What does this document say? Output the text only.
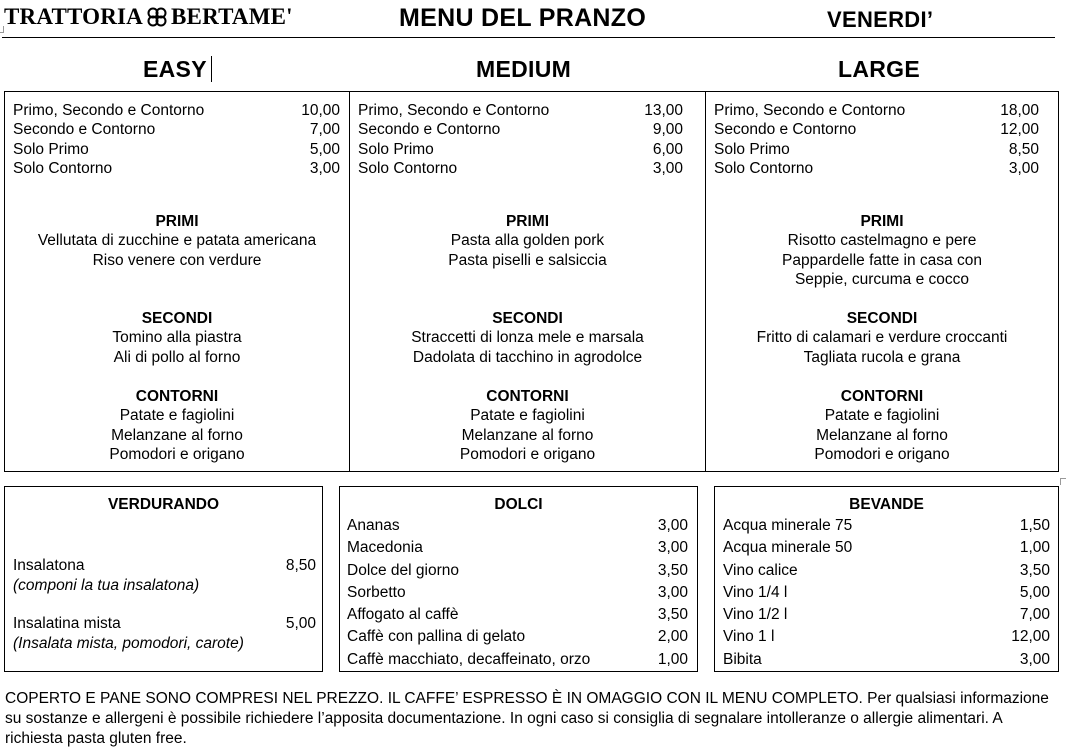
TRATTORIA BERTAME'	MENU DEL PRANZO	VENERDI’
EASY	MEDIUM	LARGE
Primo, Secondo e Contorno	10,00
Secondo e Contorno	7,00
Solo Primo	5,00
Solo Contorno	3,00
PRIMI
Vellutata di zucchine e patata americana
Riso venere con verdure
SECONDI
Tomino alla piastra
Ali di pollo al forno
CONTORNI
Patate e fagiolini
Melanzane al forno
Pomodori e origano
Primo, Secondo e Contorno	13,00
Secondo e Contorno	9,00
Solo Primo	6,00
Solo Contorno	3,00
PRIMI
Pasta alla golden pork
Pasta piselli e salsiccia
SECONDI
Straccetti di lonza mele e marsala
Dadolata di tacchino in agrodolce
CONTORNI
Patate e fagiolini
Melanzane al forno
Pomodori e origano
Primo, Secondo e Contorno	18,00
Secondo e Contorno	12,00
Solo Primo	8,50
Solo Contorno	3,00
PRIMI
Risotto castelmagno e pere
Pappardelle fatte in casa con
Seppie, curcuma e cocco
SECONDI
Fritto di calamari e verdure croccanti
Tagliata rucola e grana
CONTORNI
Patate e fagiolini
Melanzane al forno
Pomodori e origano
VERDURANDO
Insalatona	8,50
(componi la tua insalatona)
Insalatina mista	5,00
(Insalata mista, pomodori, carote)
DOLCI
Ananas	3,00
Macedonia	3,00
Dolce del giorno	3,50
Sorbetto	3,00
Affogato al caffè	3,50
Caffè con pallina di gelato	2,00
Caffè macchiato, decaffeinato, orzo	1,00
BEVANDE
Acqua minerale 75	1,50
Acqua minerale 50	1,00
Vino calice	3,50
Vino 1/4 l	5,00
Vino 1/2 l	7,00
Vino 1 l	12,00
Bibita	3,00
COPERTO E PANE SONO COMPRESI NEL PREZZO. IL CAFFE’ ESPRESSO È IN OMAGGIO CON IL MENU COMPLETO. Per qualsiasi informazione su sostanze e allergeni è possibile richiedere l’apposita documentazione. In ogni caso si consiglia di segnalare intolleranze o allergie alimentari. A richiesta pasta gluten free.
